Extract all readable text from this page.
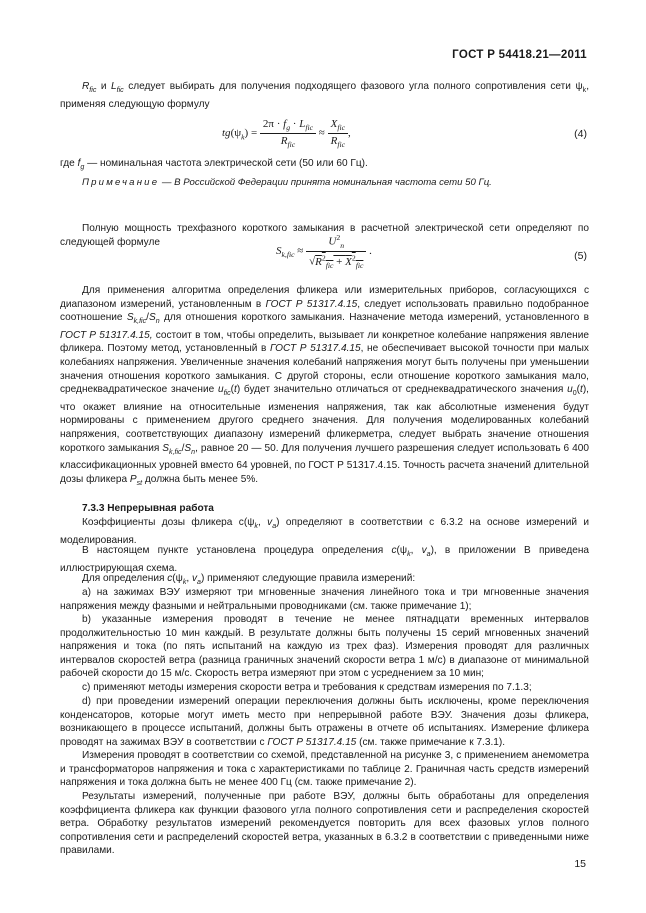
ГОСТ Р 54418.21—2011
$R_{fic}$ и $L_{fic}$ следует выбирать для получения подходящего фазового угла полного сопротивления сети $\psi_k$, применяя следующую формулу
$tg(\psi_k) = \frac{2\pi \cdot f_g \cdot L_{fic}}{R_{fic}} \approx \frac{X_{fic}}{R_{fic}}$ ,	(4)
где $f_g$ — номинальная частота электрической сети (50 или 60 Гц).
Примечание — В Российской Федерации принята номинальная частота сети 50 Гц.
Полную мощность трехфазного короткого замыкания в расчетной электрической сети определяют по следующей формуле
$S_{k,fic} \approx \frac{U^2_n}{√R^2_{fic} + X^2_{fic}}$ .	(5)
Для применения алгоритма определения фликера или измерительных приборов, согласующихся с диапазоном измерений, установленным в ГОСТ Р 51317.4.15, следует использовать правильно подобранное соотношение $S_{k,fic}/S_n$ для отношения короткого замыкания. Назначение метода измерений, установленного в ГОСТ Р 51317.4.15, состоит в том, чтобы определить, вызывает ли конкретное колебание напряжения явление фликера. Поэтому метод, установленный в ГОСТ Р 51317.4.15, не обеспечивает высокой точности при малых колебаниях напряжения. Увеличенные значения колебаний напряжения могут быть получены при уменьшении значения отношения короткого замыкания. С другой стороны, если отношение короткого замыкания мало, среднеквадратическое значение $u_{fic}(t)$ будет значительно отличаться от среднеквадратического значения $u_0(t)$, что окажет влияние на относительные изменения напряжения, так как абсолютные изменения будут нормированы с применением другого среднего значения. Для получения моделированных колебаний напряжения, соответствующих диапазону измерений фликерметра, следует выбрать значение отношения короткого замыкания $S_{k,fic}/S_n$, равное 20 — 50. Для получения лучшего разрешения следует использовать 6 400 классификационных уровней вместо 64 уровней, по ГОСТ Р 51317.4.15. Точность расчета значений длительной дозы фликера $P_{st}$ должна быть менее 5%.
7.3.3 Непрерывная работа
Коэффициенты дозы фликера $c(\psi_k$, $v_a$) определяют в соответствии с 6.3.2 на основе измерений и моделирования.
В настоящем пункте установлена процедура определения $c(\psi_k$, $v_a$), в приложении В приведена иллюстрирующая схема.
Для определения $c(\psi_k$, $v_a$) применяют следующие правила измерений:
а) на зажимах ВЭУ измеряют три мгновенные значения линейного тока и три мгновенные значения напряжения между фазными и нейтральными проводниками (см. также примечание 1);
b) указанные измерения проводят в течение не менее пятнадцати временных интервалов продолжительностью 10 мин каждый. В результате должны быть получены 15 серий мгновенных значений напряжения и тока (по пять испытаний на каждую из трех фаз). Измерения проводят для различных интервалов скоростей ветра (разница граничных значений скорости ветра 1 м/с) в диапазоне от минимальной рабочей скорости до 15 м/с. Скорость ветра измеряют при этом с усреднением за 10 мин;
c) применяют методы измерения скорости ветра и требования к средствам измерения по 7.1.3;
d) при проведении измерений операции переключения должны быть исключены, кроме переключения конденсаторов, которые могут иметь место при непрерывной работе ВЭУ. Значения дозы фликера, возникающего в процессе испытаний, должны быть отражены в отчете об испытаниях. Измерение фликера проводят на зажимах ВЭУ в соответствии с ГОСТ Р 51317.4.15 (см. также примечание к 7.3.1).
Измерения проводят в соответствии со схемой, представленной на рисунке 3, с применением анемометра и трансформаторов напряжения и тока с характеристиками по таблице 2. Граничная часть средств измерений напряжения и тока должна быть не менее 400 Гц (см. также примечание 2).
Результаты измерений, полученные при работе ВЭУ, должны быть обработаны для определения коэффициента фликера как функции фазового угла полного сопротивления сети и распределения скоростей ветра. Обработку результатов измерений рекомендуется повторить для всех фазовых углов полного сопротивления сети и распределений скоростей ветра, указанных в 6.3.2 в соответствии с приведенными ниже правилами.
15
